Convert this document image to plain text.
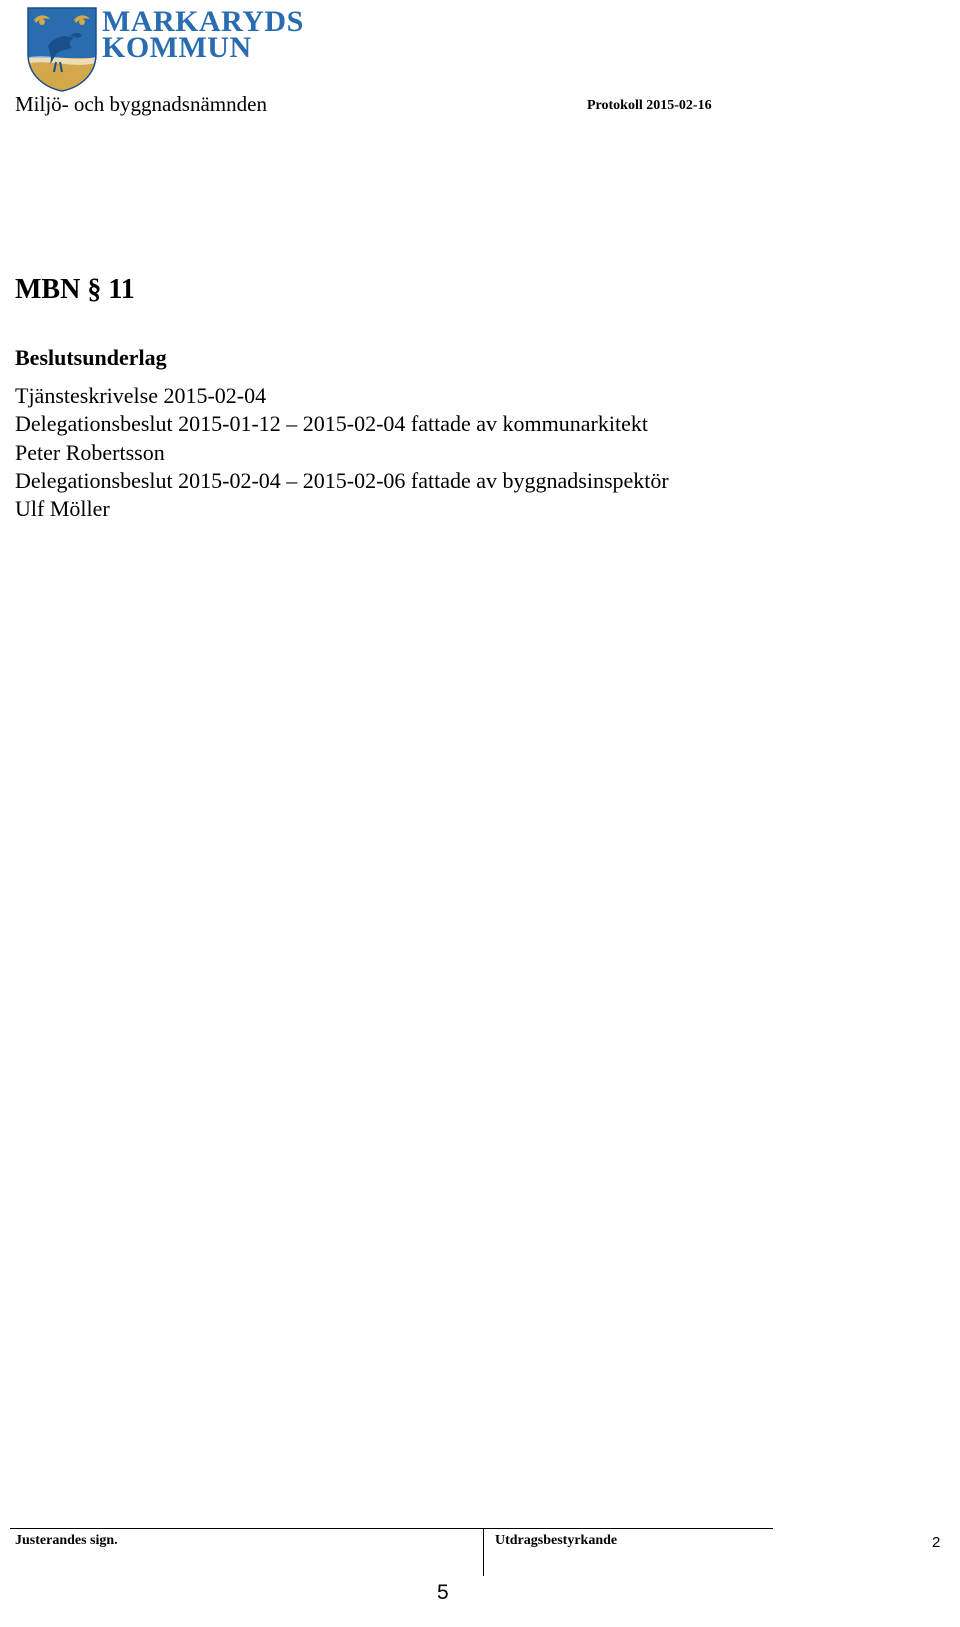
MARKARYDS
KOMMUN
Miljö- och byggnadsnämnden	Protokoll 2015-02-16
MBN § 11
Beslutsunderlag
Tjänsteskrivelse 2015-02-04
Delegationsbeslut 2015-01-12 – 2015-02-04 fattade av kommunarkitekt
Peter Robertsson
Delegationsbeslut 2015-02-04 – 2015-02-06 fattade av byggnadsinspektör
Ulf Möller
Justerandes sign.	Utdragsbestyrkande	2
5
